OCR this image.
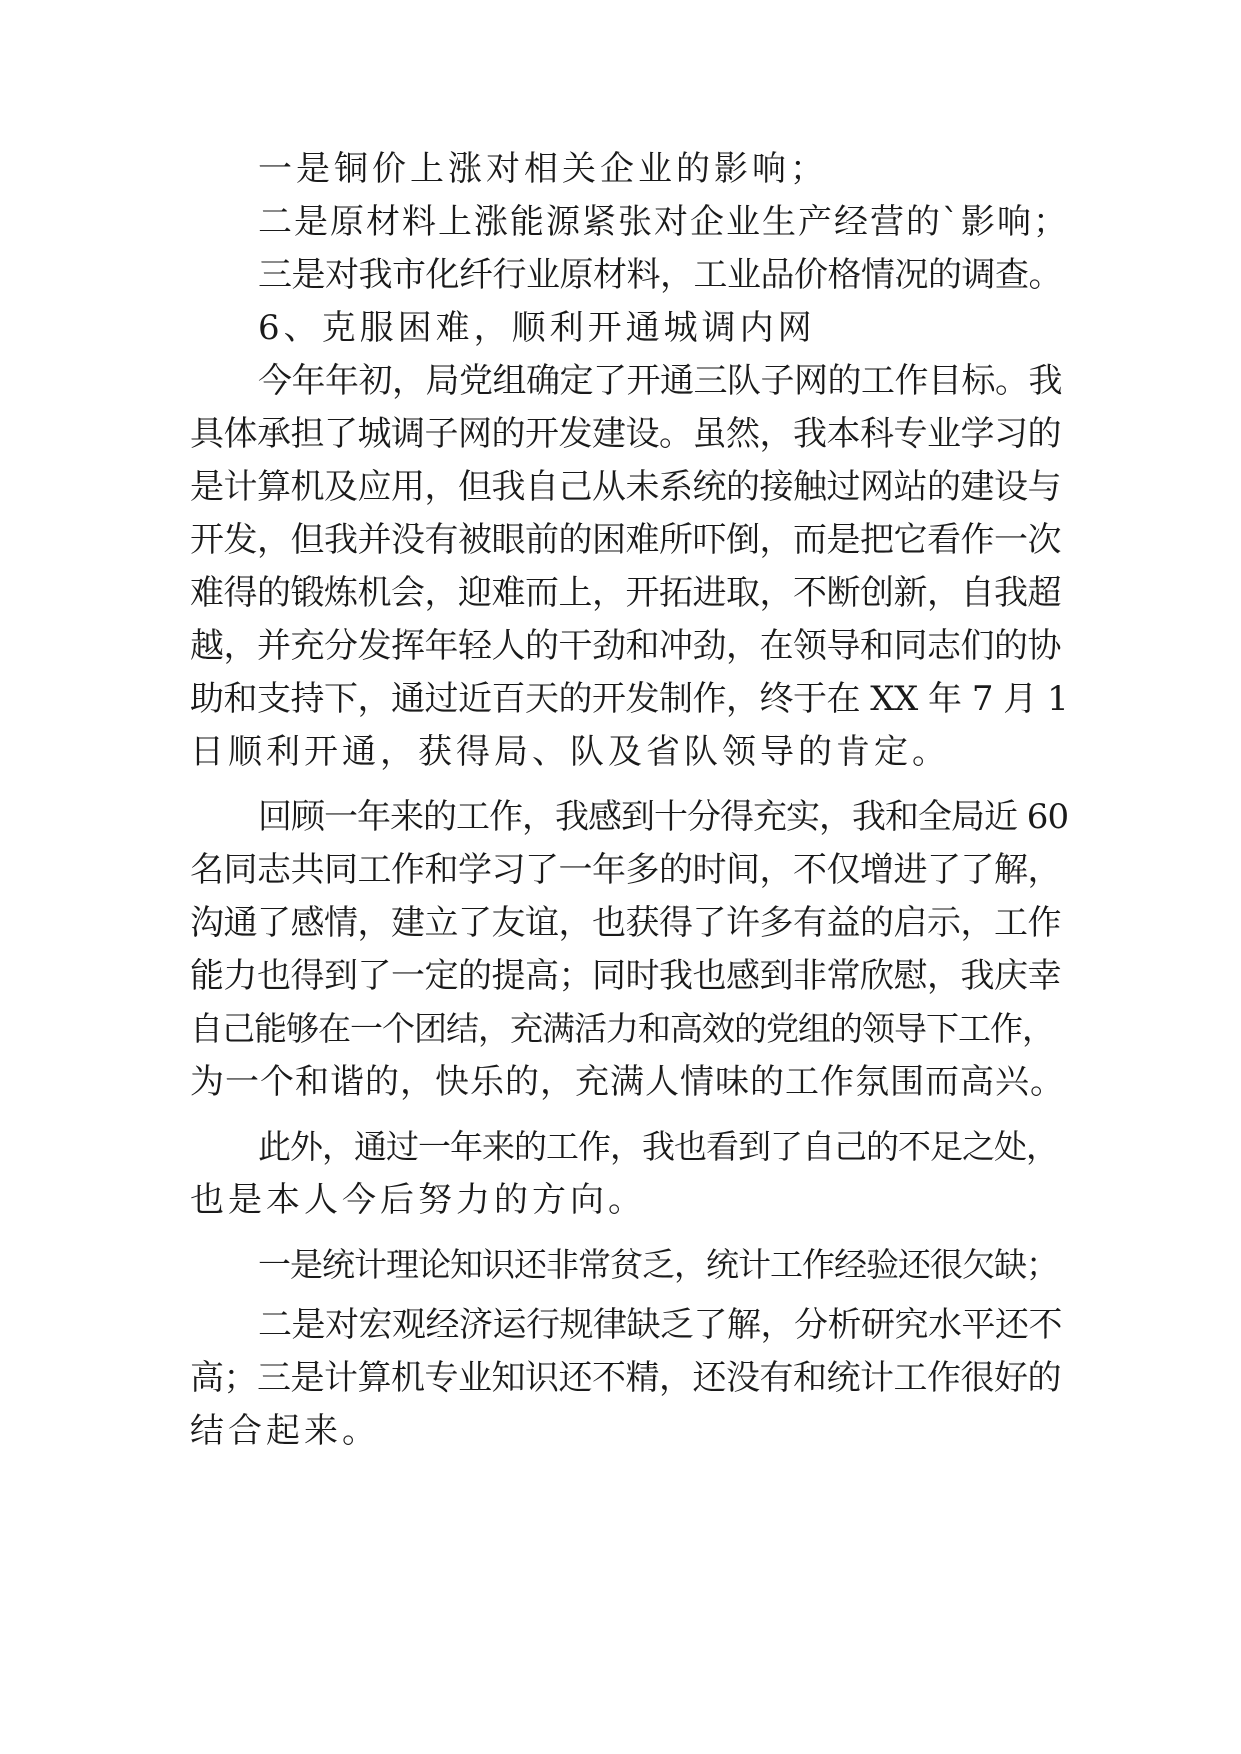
一是铜价上涨对相关企业的影响；
二是原材料上涨能源紧张对企业生产经营的`影响；
三是对我市化纤行业原材料，工业品价格情况的调查。
6、克服困难，顺利开通城调内网
今年年初，局党组确定了开通三队子网的工作目标。我
具体承担了城调子网的开发建设。虽然，我本科专业学习的
是计算机及应用，但我自己从未系统的接触过网站的建设与
开发，但我并没有被眼前的困难所吓倒，而是把它看作一次
难得的锻炼机会，迎难而上，开拓进取，不断创新，自我超
越，并充分发挥年轻人的干劲和冲劲，在领导和同志们的协
助和支持下，通过近百天的开发制作，终于在 XX 年 7 月 1
日顺利开通，获得局、队及省队领导的肯定。
回顾一年来的工作，我感到十分得充实，我和全局近 60
名同志共同工作和学习了一年多的时间，不仅增进了了解，
沟通了感情，建立了友谊，也获得了许多有益的启示，工作
能力也得到了一定的提高；同时我也感到非常欣慰，我庆幸
自己能够在一个团结，充满活力和高效的党组的领导下工作，
为一个和谐的，快乐的，充满人情味的工作氛围而高兴。
此外，通过一年来的工作，我也看到了自己的不足之处，
也是本人今后努力的方向。
一是统计理论知识还非常贫乏，统计工作经验还很欠缺；
二是对宏观经济运行规律缺乏了解，分析研究水平还不
高；三是计算机专业知识还不精，还没有和统计工作很好的
结合起来。
